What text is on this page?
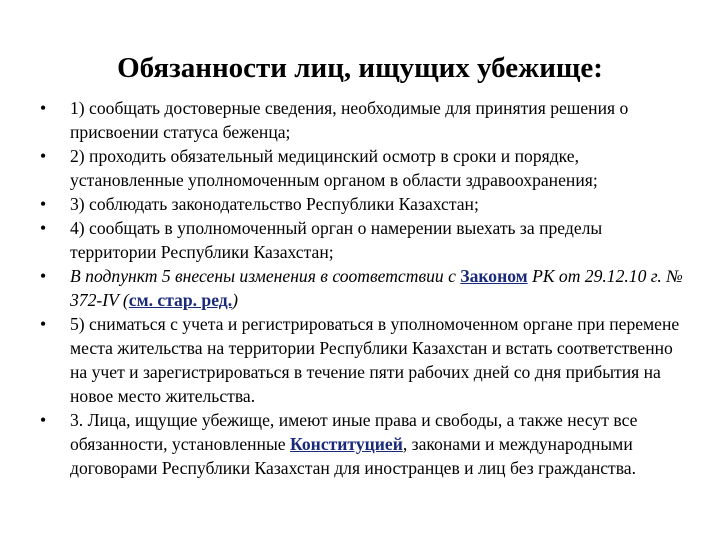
Обязанности лиц, ищущих убежище:
• 1) сообщать достоверные сведения, необходимые для принятия решения о присвоении статуса беженца;
• 2) проходить обязательный медицинский осмотр в сроки и порядке, установленные уполномоченным органом в области здравоохранения;
• 3) соблюдать законодательство Республики Казахстан;
• 4) сообщать в уполномоченный орган о намерении выехать за пределы территории Республики Казахстан;
• В подпункт 5 внесены изменения в соответствии с Законом РК от 29.12.10 г. № 372-IV (см. стар. ред.)
• 5) сниматься с учета и регистрироваться в уполномоченном органе при перемене места жительства на территории Республики Казахстан и встать соответственно на учет и зарегистрироваться в течение пяти рабочих дней со дня прибытия на новое место жительства.
• 3. Лица, ищущие убежище, имеют иные права и свободы, а также несут все обязанности, установленные Конституцией, законами и международными договорами Республики Казахстан для иностранцев и лиц без гражданства.
